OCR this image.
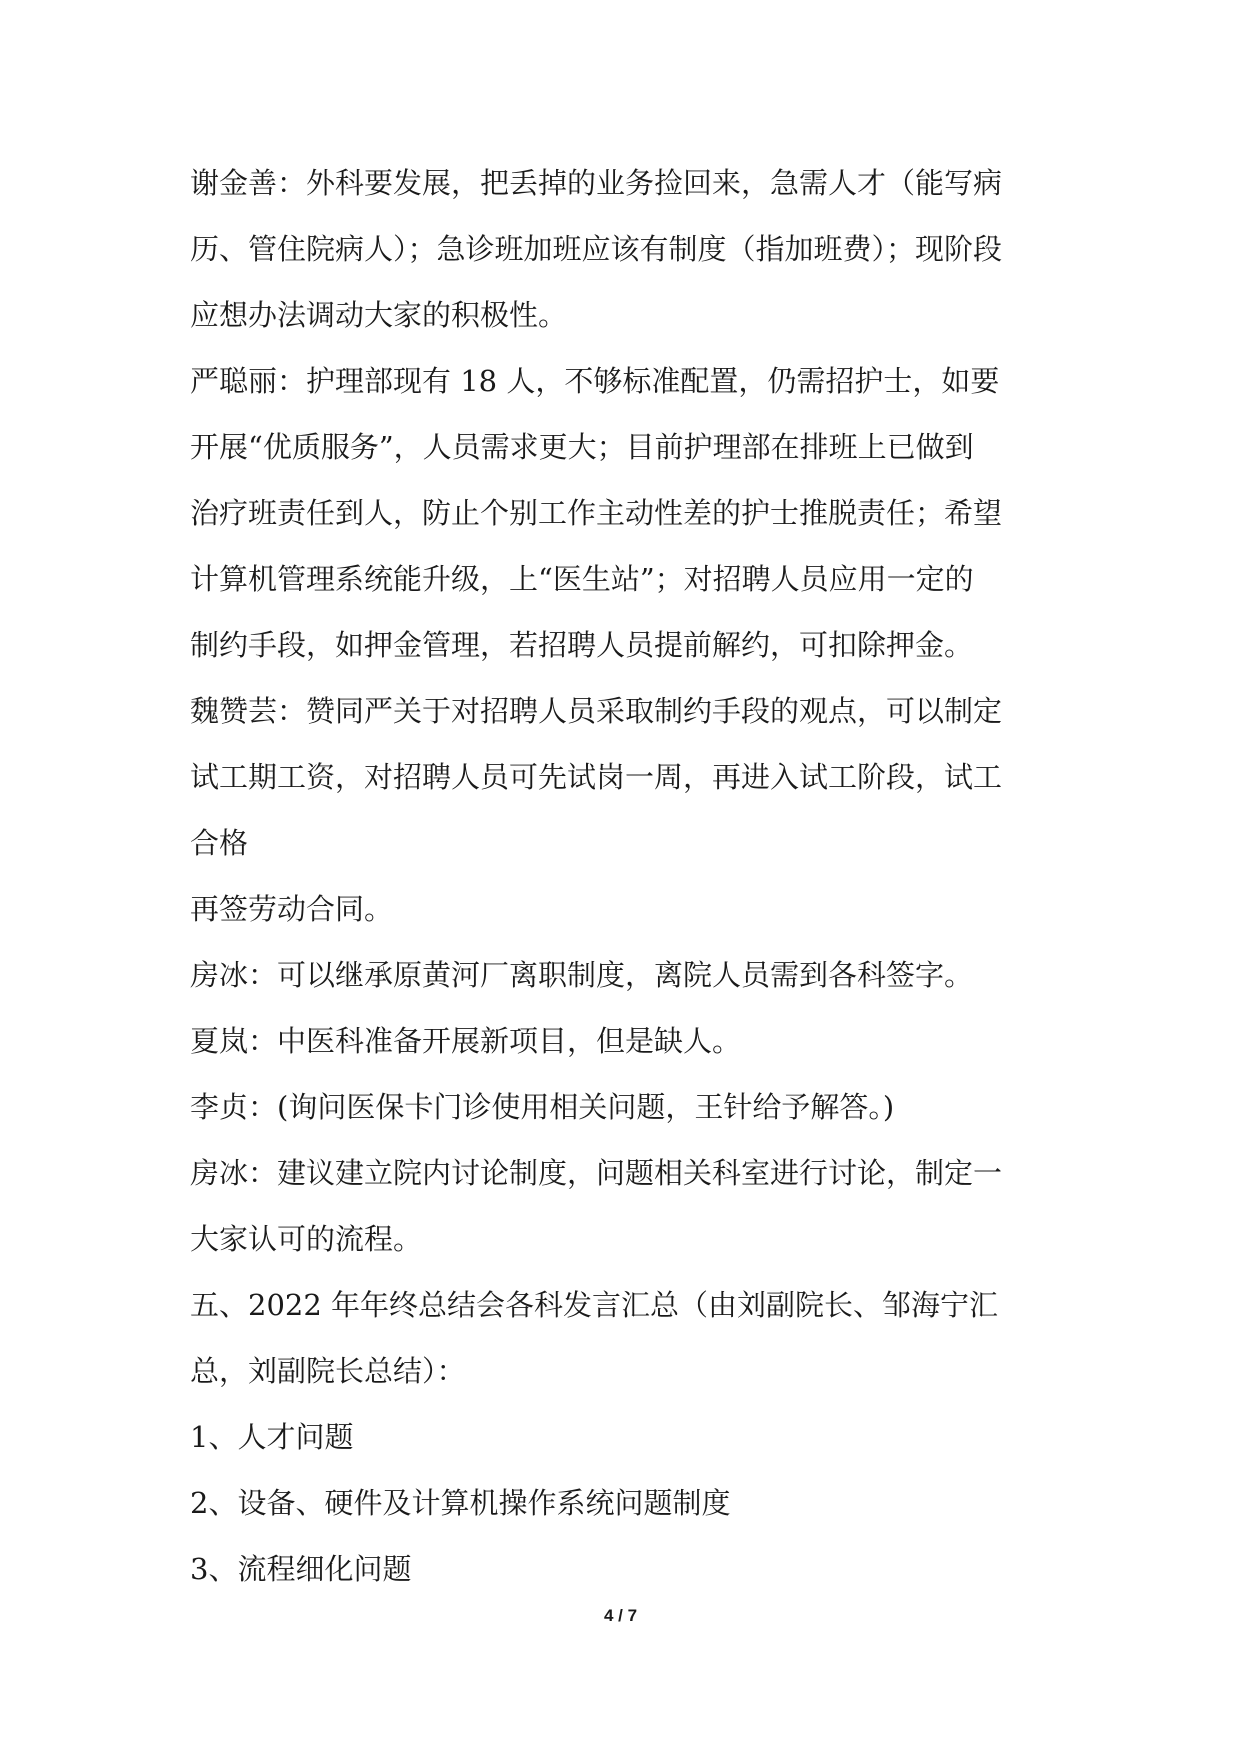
谢金善：外科要发展，把丢掉的业务捡回来，急需人才（能写病
历、管住院病人）；急诊班加班应该有制度（指加班费）；现阶段
应想办法调动大家的积极性。
严聪丽：护理部现有 18 人，不够标准配置，仍需招护士，如要
开展“优质服务”，人员需求更大；目前护理部在排班上已做到
治疗班责任到人，防止个别工作主动性差的护士推脱责任；希望
计算机管理系统能升级，上“医生站”；对招聘人员应用一定的
制约手段，如押金管理，若招聘人员提前解约，可扣除押金。
魏赞芸：赞同严关于对招聘人员采取制约手段的观点，可以制定
试工期工资，对招聘人员可先试岗一周，再进入试工阶段，试工
合格
再签劳动合同。
房冰：可以继承原黄河厂离职制度，离院人员需到各科签字。
夏岚：中医科准备开展新项目，但是缺人。
李贞：(询问医保卡门诊使用相关问题，王针给予解答。)
房冰：建议建立院内讨论制度，问题相关科室进行讨论，制定一
大家认可的流程。
五、2022 年年终总结会各科发言汇总（由刘副院长、邹海宁汇
总，刘副院长总结）：
1、人才问题
2、设备、硬件及计算机操作系统问题制度
3、流程细化问题
4 / 7
